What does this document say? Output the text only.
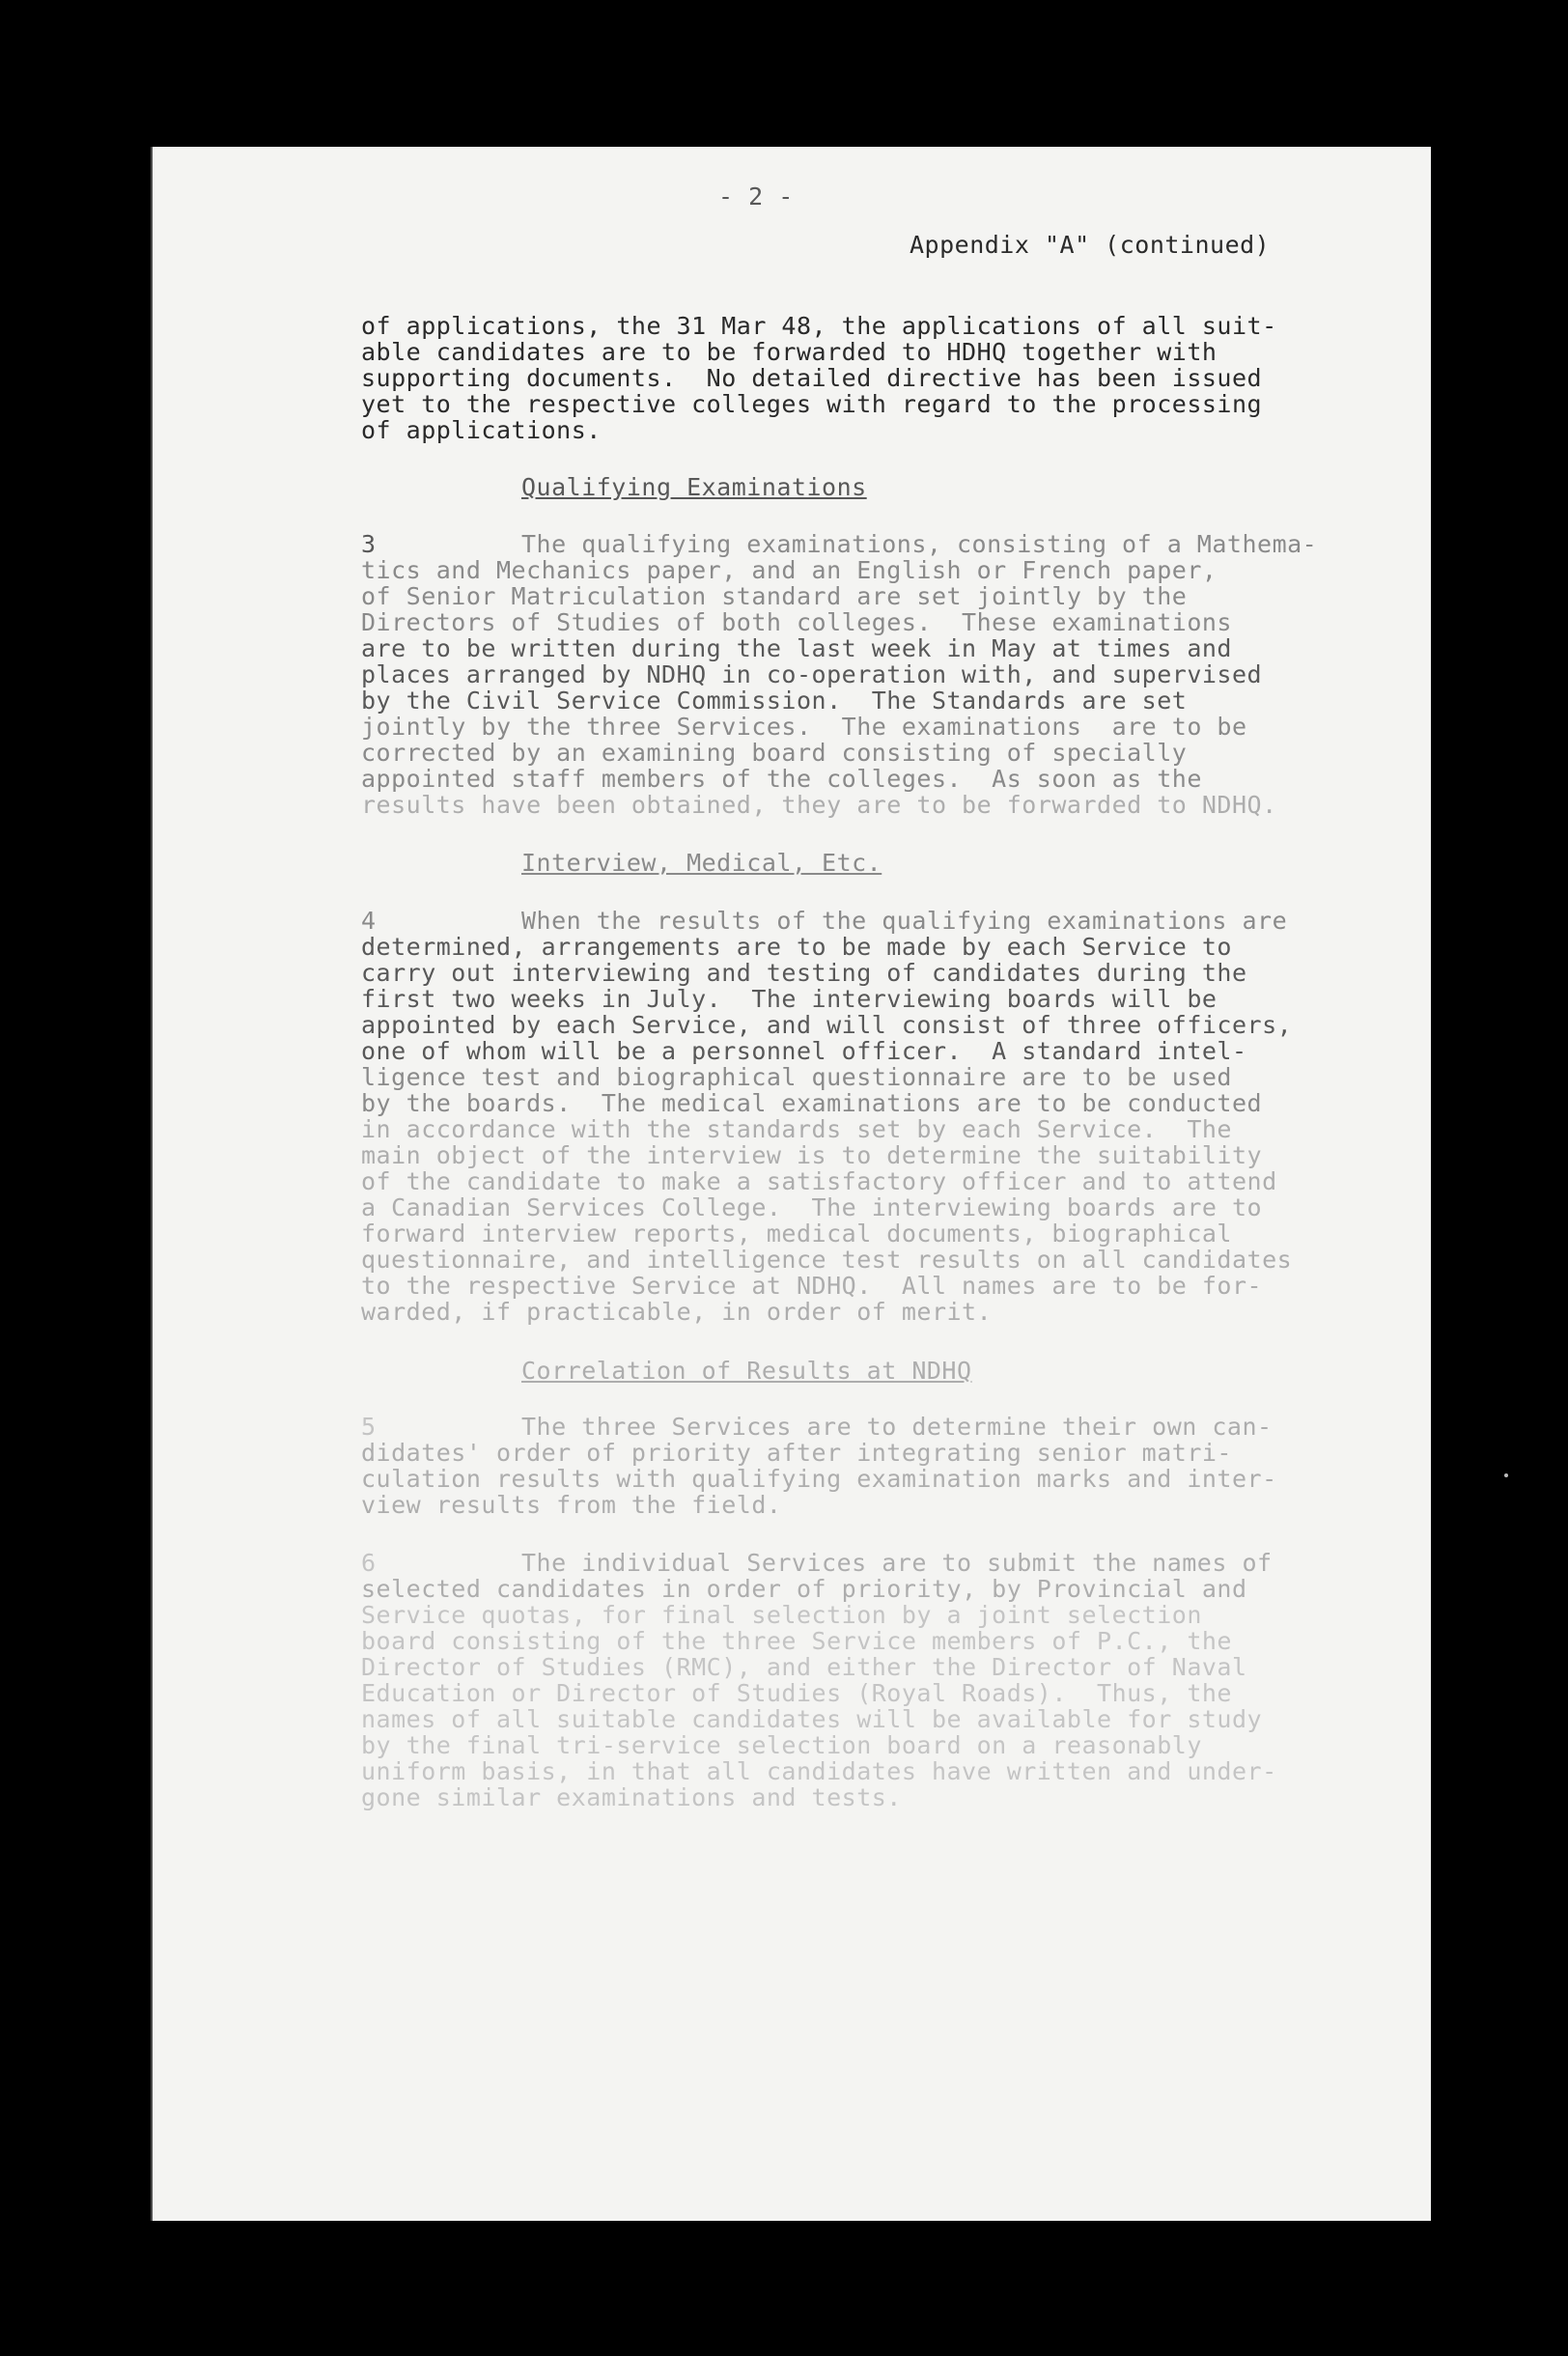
- 2 -
Appendix "A" (continued)
of applications, the 31 Mar 48, the applications of all suit-
able candidates are to be forwarded to HDHQ together with
supporting documents.  No detailed directive has been issued
yet to the respective colleges with regard to the processing
of applications.
Qualifying Examinations
3	The qualifying examinations, consisting of a Mathema-
tics and Mechanics paper, and an English or French paper,
of Senior Matriculation standard are set jointly by the
Directors of Studies of both colleges.  These examinations
are to be written during the last week in May at times and
places arranged by NDHQ in co-operation with, and supervised
by the Civil Service Commission.  The Standards are set
jointly by the three Services.  The examinations  are to be
corrected by an examining board consisting of specially
appointed staff members of the colleges.  As soon as the
results have been obtained, they are to be forwarded to NDHQ.
Interview, Medical, Etc.
4	When the results of the qualifying examinations are
determined, arrangements are to be made by each Service to
carry out interviewing and testing of candidates during the
first two weeks in July.  The interviewing boards will be
appointed by each Service, and will consist of three officers,
one of whom will be a personnel officer.  A standard intel-
ligence test and biographical questionnaire are to be used
by the boards.  The medical examinations are to be conducted
in accordance with the standards set by each Service.  The
main object of the interview is to determine the suitability
of the candidate to make a satisfactory officer and to attend
a Canadian Services College.  The interviewing boards are to
forward interview reports, medical documents, biographical
questionnaire, and intelligence test results on all candidates
to the respective Service at NDHQ.  All names are to be for-
warded, if practicable, in order of merit.
Correlation of Results at NDHQ
5	The three Services are to determine their own can-
didates' order of priority after integrating senior matri-
culation results with qualifying examination marks and inter-
view results from the field.
6	The individual Services are to submit the names of
selected candidates in order of priority, by Provincial and
Service quotas, for final selection by a joint selection
board consisting of the three Service members of P.C., the
Director of Studies (RMC), and either the Director of Naval
Education or Director of Studies (Royal Roads).  Thus, the
names of all suitable candidates will be available for study
by the final tri-service selection board on a reasonably
uniform basis, in that all candidates have written and under-
gone similar examinations and tests.
